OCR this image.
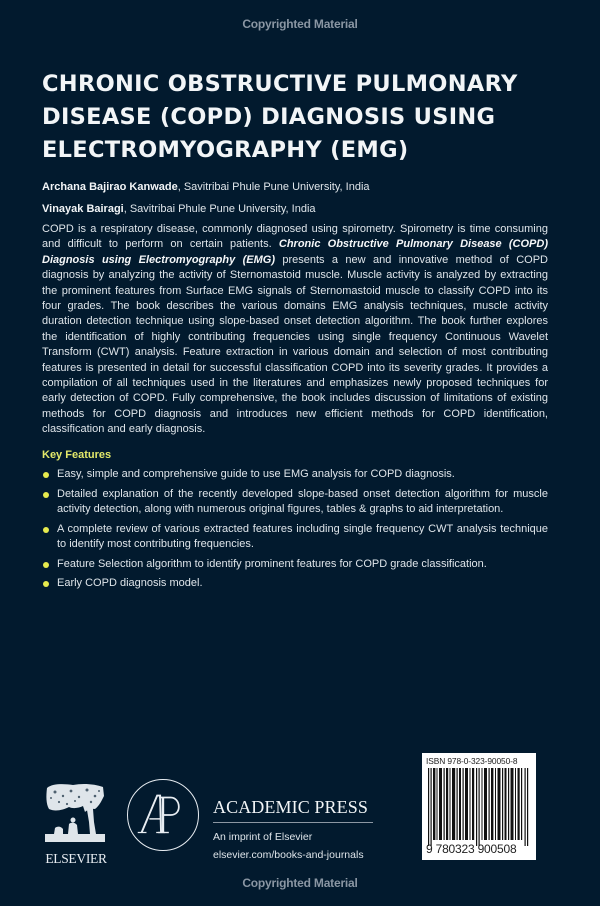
Copyrighted Material
CHRONIC OBSTRUCTIVE PULMONARY
DISEASE (COPD) DIAGNOSIS USING
ELECTROMYOGRAPHY (EMG)
Archana Bajirao Kanwade, Savitribai Phule Pune University, India
Vinayak Bairagi, Savitribai Phule Pune University, India

COPD is a respiratory disease, commonly diagnosed using spirometry. Spirometry is time consuming and difficult to perform on certain patients. Chronic Obstructive Pulmonary Disease (COPD) Diagnosis using Electromyography (EMG) presents a new and innovative method of COPD diagnosis by analyzing the activity of Sternomastoid muscle. Muscle activity is analyzed by extracting the prominent features from Surface EMG signals of Sternomastoid muscle to classify COPD into its four grades. The book describes the various domains EMG analysis techniques, muscle activity duration detection technique using slope-based onset detection algorithm. The book further explores the identification of highly contributing frequencies using single frequency Continuous Wavelet Transform (CWT) analysis. Feature extraction in various domain and selection of most contributing features is presented in detail for successful classification COPD into its severity grades. It provides a compilation of all techniques used in the literatures and emphasizes newly proposed techniques for early detection of COPD. Fully comprehensive, the book includes discussion of limitations of existing methods for COPD diagnosis and introduces new efficient methods for COPD identification, classification and early diagnosis.

Key Features
Easy, simple and comprehensive guide to use EMG analysis for COPD diagnosis.
Detailed explanation of the recently developed slope-based onset detection algorithm for muscle activity detection, along with numerous original figures, tables & graphs to aid interpretation.
A complete review of various extracted features including single frequency CWT analysis technique to identify most contributing frequencies.
Feature Selection algorithm to identify prominent features for COPD grade classification.
Early COPD diagnosis model.
ELSEVIER
ACADEMIC PRESS
An imprint of Elsevier
elsevier.com/books-and-journals
ISBN 978-0-323-90050-8
9 780323 900508
Copyrighted Material
